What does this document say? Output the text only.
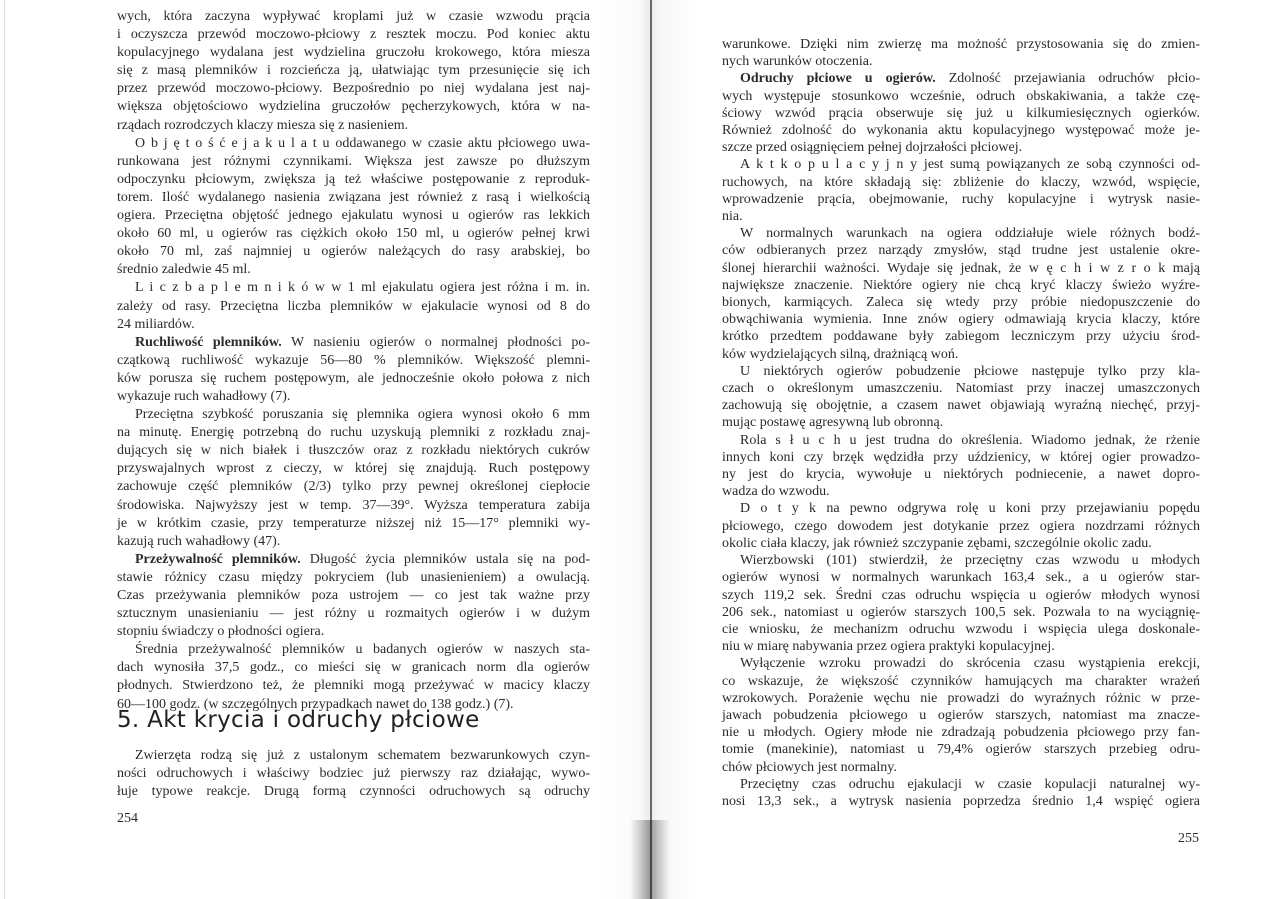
wych, która zaczyna wypływać kroplami już w czasie wzwodu prącia
i oczyszcza przewód moczowo-płciowy z resztek moczu. Pod koniec aktu
kopulacyjnego wydalana jest wydzielina gruczołu krokowego, która miesza
się z masą plemników i rozcieńcza ją, ułatwiając tym przesunięcie się ich
przez przewód moczowo-płciowy. Bezpośrednio po niej wydalana jest naj-
większa objętościowo wydzielina gruczołów pęcherzykowych, która w na-
rządach rozrodczych klaczy miesza się z nasieniem.
O b j ę t o ś ć e j a k u l a t u oddawanego w czasie aktu płciowego uwa-
runkowana jest różnymi czynnikami. Większa jest zawsze po dłuższym
odpoczynku płciowym, zwiększa ją też właściwe postępowanie z reproduk-
torem. Ilość wydalanego nasienia związana jest również z rasą i wielkością
ogiera. Przeciętna objętość jednego ejakulatu wynosi u ogierów ras lekkich
około 60 ml, u ogierów ras ciężkich około 150 ml, u ogierów pełnej krwi
około 70 ml, zaś najmniej u ogierów należących do rasy arabskiej, bo
średnio zaledwie 45 ml.
L i c z b a p l e m n i k ó w w 1 ml ejakulatu ogiera jest różna i m. in.
zależy od rasy. Przeciętna liczba plemników w ejakulacie wynosi od 8 do
24 miliardów.
Ruchliwość plemników. W nasieniu ogierów o normalnej płodności po-
czątkową ruchliwość wykazuje 56—80 % plemników. Większość plemni-
ków porusza się ruchem postępowym, ale jednocześnie około połowa z nich
wykazuje ruch wahadłowy (7).
Przeciętna szybkość poruszania się plemnika ogiera wynosi około 6 mm
na minutę. Energię potrzebną do ruchu uzyskują plemniki z rozkładu znaj-
dujących się w nich białek i tłuszczów oraz z rozkładu niektórych cukrów
przyswajalnych wprost z cieczy, w której się znajdują. Ruch postępowy
zachowuje część plemników (2/3) tylko przy pewnej określonej ciepłocie
środowiska. Najwyższy jest w temp. 37—39°. Wyższa temperatura zabija
je w krótkim czasie, przy temperaturze niższej niż 15—17° plemniki wy-
kazują ruch wahadłowy (47).
Przeżywalność plemników. Długość życia plemników ustala się na pod-
stawie różnicy czasu między pokryciem (lub unasienieniem) a owulacją.
Czas przeżywania plemników poza ustrojem — co jest tak ważne przy
sztucznym unasienianiu — jest różny u rozmaitych ogierów i w dużym
stopniu świadczy o płodności ogiera.
Średnia przeżywalność plemników u badanych ogierów w naszych sta-
dach wynosiła 37,5 godz., co mieści się w granicach norm dla ogierów
płodnych. Stwierdzono też, że plemniki mogą przeżywać w macicy klaczy
60—100 godz. (w szczególnych przypadkach nawet do 138 godz.) (7).
5. Akt krycia i odruchy płciowe
Zwierzęta rodzą się już z ustalonym schematem bezwarunkowych czyn-
ności odruchowych i właściwy bodziec już pierwszy raz działając, wywo-
łuje typowe reakcje. Drugą formą czynności odruchowych są odruchy
254
warunkowe. Dzięki nim zwierzę ma możność przystosowania się do zmien-
nych warunków otoczenia.
Odruchy płciowe u ogierów. Zdolność przejawiania odruchów płcio-
wych występuje stosunkowo wcześnie, odruch obskakiwania, a także czę-
ściowy wzwód prącia obserwuje się już u kilkumiesięcznych ogierków.
Również zdolność do wykonania aktu kopulacyjnego występować może je-
szcze przed osiągnięciem pełnej dojrzałości płciowej.
A k t k o p u l a c y j n y jest sumą powiązanych ze sobą czynności od-
ruchowych, na które składają się: zbliżenie do klaczy, wzwód, wspięcie,
wprowadzenie prącia, obejmowanie, ruchy kopulacyjne i wytrysk nasie-
nia.
W normalnych warunkach na ogiera oddziałuje wiele różnych bodź-
ców odbieranych przez narządy zmysłów, stąd trudne jest ustalenie okre-
ślonej hierarchii ważności. Wydaje się jednak, że w ę c h i w z r o k mają
największe znaczenie. Niektóre ogiery nie chcą kryć klaczy świeżo wyźre-
bionych, karmiących. Zaleca się wtedy przy próbie niedopuszczenie do
obwąchiwania wymienia. Inne znów ogiery odmawiają krycia klaczy, które
krótko przedtem poddawane były zabiegom leczniczym przy użyciu środ-
ków wydzielających silną, drażniącą woń.
U niektórych ogierów pobudzenie płciowe następuje tylko przy kla-
czach o określonym umaszczeniu. Natomiast przy inaczej umaszczonych
zachowują się obojętnie, a czasem nawet objawiają wyraźną niechęć, przyj-
mując postawę agresywną lub obronną.
Rola s ł u c h u jest trudna do określenia. Wiadomo jednak, że rżenie
innych koni czy brzęk wędzidła przy uździenicy, w której ogier prowadzo-
ny jest do krycia, wywołuje u niektórych podniecenie, a nawet dopro-
wadza do wzwodu.
D o t y k na pewno odgrywa rolę u koni przy przejawianiu popędu
płciowego, czego dowodem jest dotykanie przez ogiera nozdrzami różnych
okolic ciała klaczy, jak również szczypanie zębami, szczególnie okolic zadu.
Wierzbowski (101) stwierdził, że przeciętny czas wzwodu u młodych
ogierów wynosi w normalnych warunkach 163,4 sek., a u ogierów star-
szych 119,2 sek. Średni czas odruchu wspięcia u ogierów młodych wynosi
206 sek., natomiast u ogierów starszych 100,5 sek. Pozwala to na wyciągnię-
cie wniosku, że mechanizm odruchu wzwodu i wspięcia ulega doskonale-
niu w miarę nabywania przez ogiera praktyki kopulacyjnej.
Wyłączenie wzroku prowadzi do skrócenia czasu wystąpienia erekcji,
co wskazuje, że większość czynników hamujących ma charakter wrażeń
wzrokowych. Porażenie węchu nie prowadzi do wyraźnych różnic w prze-
jawach pobudzenia płciowego u ogierów starszych, natomiast ma znacze-
nie u młodych. Ogiery młode nie zdradzają pobudzenia płciowego przy fan-
tomie (manekinie), natomiast u 79,4% ogierów starszych przebieg odru-
chów płciowych jest normalny.
Przeciętny czas odruchu ejakulacji w czasie kopulacji naturalnej wy-
nosi 13,3 sek., a wytrysk nasienia poprzedza średnio 1,4 wspięć ogiera
255
